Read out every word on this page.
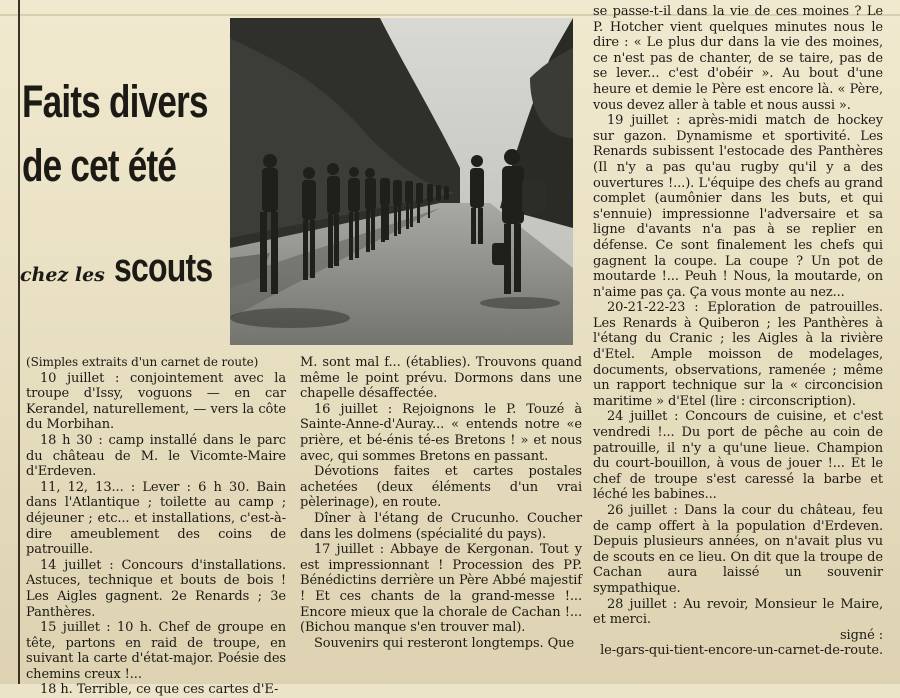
Faits divers
de cet été
chez les scouts

(Simples extraits d'un carnet de route)

10 juillet : conjointement avec la troupe d'Issy, voguons — en car Kerandel, naturellement, — vers la côte du Morbihan.

18 h 30 : camp installé dans le parc du château de M. le Vicomte-Maire d'Erdeven.

11, 12, 13... : Lever : 6 h 30. Bain dans l'Atlantique ; toilette au camp ; déjeuner ; etc... et installations, c'est-à-dire ameublement des coins de patrouille.

14 juillet : Concours d'installations. Astuces, technique et bouts de bois ! Les Aigles gagnent. 2e Renards ; 3e Panthères.

15 juillet : 10 h. Chef de groupe en tête, partons en raid de troupe, en suivant la carte d'état-major. Poésie des chemins creux !...

18 h. Terrible, ce que ces cartes d'E-

M. sont mal f... (établies). Trouvons quand même le point prévu. Dormons dans une chapelle désaffectée.

16 juillet : Rejoignons le P. Touzé à Sainte-Anne-d'Auray... « entends notre «e prière, et bé-énis té-es Bretons ! » et nous avec, qui sommes Bretons en passant.

Dévotions faites et cartes postales achetées (deux éléments d'un vrai pèlerinage), en route.

Dîner à l'étang de Crucunho. Coucher dans les dolmens (spécialité du pays).

17 juillet : Abbaye de Kergonan. Tout y est impressionnant ! Procession des PP. Bénédictins derrière un Père Abbé majestif ! Et ces chants de la grand-messe !... Encore mieux que la chorale de Cachan !... (Bichou manque s'en trouver mal).

Souvenirs qui resteront longtemps. Que

se passe-t-il dans la vie de ces moines ? Le P. Hotcher vient quelques minutes nous le dire : « Le plus dur dans la vie des moines, ce n'est pas de chanter, de se taire, pas de se lever... c'est d'obéir ». Au bout d'une heure et demie le Père est encore là. « Père, vous devez aller à table et nous aussi ».

19 juillet : après-midi match de hockey sur gazon. Dynamisme et sportivité. Les Renards subissent l'estocade des Panthères (Il n'y a pas qu'au rugby qu'il y a des ouvertures !...). L'équipe des chefs au grand complet (aumônier dans les buts, et qui s'ennuie) impressionne l'adversaire et sa ligne d'avants n'a pas à se replier en défense. Ce sont finalement les chefs qui gagnent la coupe. La coupe ? Un pot de moutarde !... Peuh ! Nous, la moutarde, on n'aime pas ça. Ça vous monte au nez...

20-21-22-23 : Eploration de patrouilles. Les Renards à Quiberon ; les Panthères à l'étang du Cranic ; les Aigles à la rivière d'Etel. Ample moisson de modelages, documents, observations, ramenée ; même un rapport technique sur la « circoncision maritime » d'Etel (lire : circonscription).

24 juillet : Concours de cuisine, et c'est vendredi !... Du port de pêche au coin de patrouille, il n'y a qu'une lieue. Champion du court-bouillon, à vous de jouer !... Et le chef de troupe s'est caressé la barbe et léché les babines...

26 juillet : Dans la cour du château, feu de camp offert à la population d'Erdeven. Depuis plusieurs années, on n'avait plus vu de scouts en ce lieu. On dit que la troupe de Cachan aura laissé un souvenir sympathique.

28 juillet : Au revoir, Monsieur le Maire, et merci.

signé :

le-gars-qui-tient-encore-un-carnet-de-route.
